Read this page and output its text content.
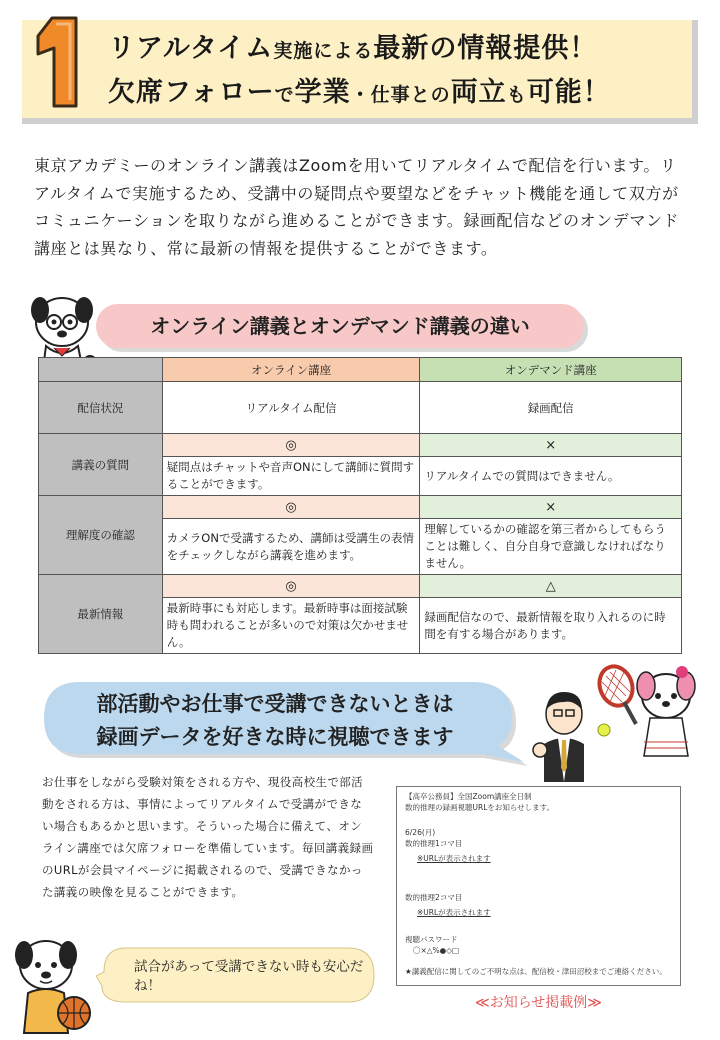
リアルタイム実施による最新の情報提供！
欠席フォローで学業・仕事との両立も可能！

東京アカデミーのオンライン講義はZoomを用いてリアルタイムで配信を行います。リアルタイムで実施するため、受講中の疑問点や要望などをチャット機能を通して双方がコミュニケーションを取りながら進めることができます。録画配信などのオンデマンド講座とは異なり、常に最新の情報を提供することができます。

オンライン講義とオンデマンド講義の違い
	オンライン講座	オンデマンド講座
配信状況	リアルタイム配信	録画配信
講義の質問	◎	×
	疑問点はチャットや音声ONにして講師に質問することができます。	リアルタイムでの質問はできません。
理解度の確認	◎	×
	カメラONで受講するため、講師は受講生の表情をチェックしながら講義を進めます。	理解しているかの確認を第三者からしてもらうことは難しく、自分自身で意識しなければなりません。
最新情報	◎	△
	最新時事にも対応します。最新時事は面接試験時も問われることが多いので対策は欠かせません。	録画配信なので、最新情報を取り入れるのに時間を有する場合があります。
部活動やお仕事で受講できないときは
録画データを好きな時に視聴できます

お仕事をしながら受験対策をされる方や、現役高校生で部活動をされる方は、事情によってリアルタイムで受講ができない場合もあるかと思います。そういった場合に備えて、オンライン講座では欠席フォローを準備しています。毎回講義録画のURLが会員マイページに掲載されるので、受講できなかった講義の映像を見ることができます。

【高卒公務員】全国Zoom講座全日制
数的推理の録画視聴URLをお知らせします。
6/26(月)
数的推理1コマ目
※URLが表示されます
数的推理2コマ目
※URLが表示されます
視聴パスワード
〇×△%●◇□
★講義配信に関してのご不明な点は、配信校・津田沼校までご連絡ください。
≪お知らせ掲載例≫
試合があって受講できない時も安心だね！
